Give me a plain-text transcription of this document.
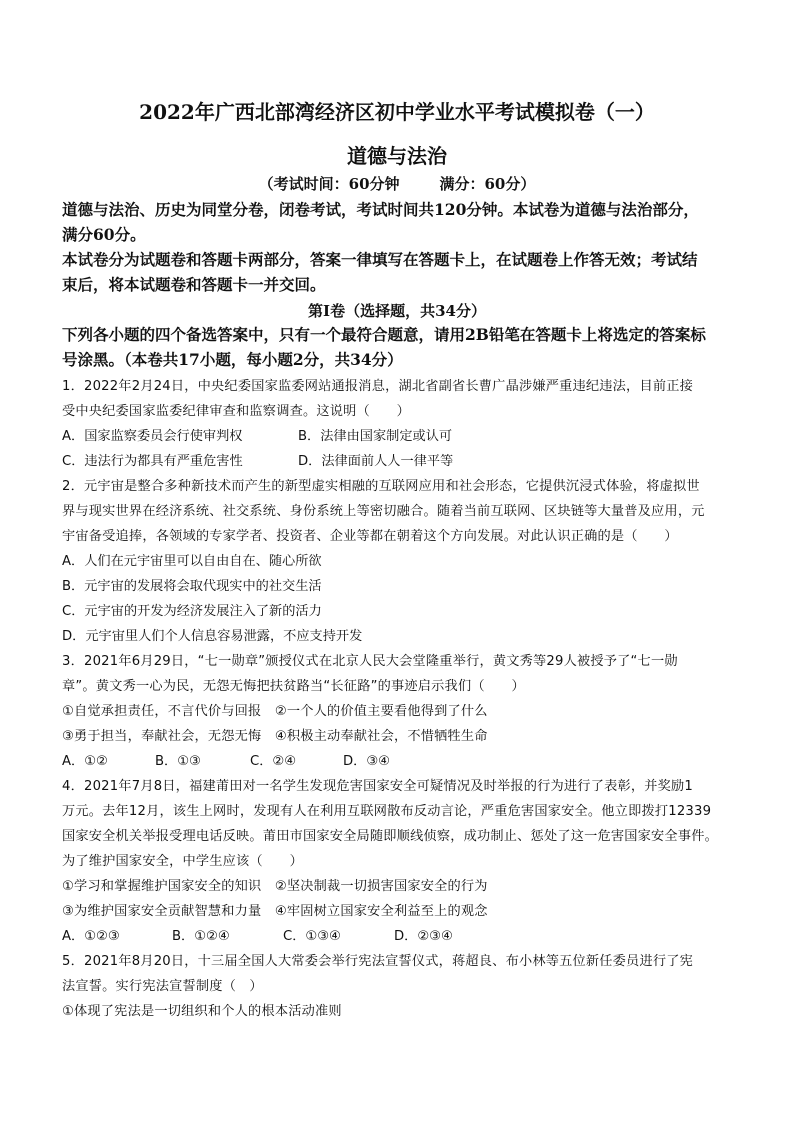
2022年广西北部湾经济区初中学业水平考试模拟卷（一）
道德与法治
（考试时间：60分钟	满分：60分）
道德与法治、历史为同堂分卷，闭卷考试，考试时间共120分钟。本试卷为道德与法治部分，
满分60分。
本试卷分为试题卷和答题卡两部分，答案一律填写在答题卡上，在试题卷上作答无效；考试结
束后，将本试题卷和答题卡一并交回。
第Ⅰ卷（选择题，共34分）
下列各小题的四个备选答案中，只有一个最符合题意，请用2B铅笔在答题卡上将选定的答案标
号涂黑。（本卷共17小题，每小题2分，共34分）
1．2022年2月24日，中央纪委国家监委网站通报消息，湖北省副省长曹广晶涉嫌严重违纪违法，目前正接
受中央纪委国家监委纪律审查和监察调查。这说明（　　）
A．国家监察委员会行使审判权	B．法律由国家制定或认可
C．违法行为都具有严重危害性	D．法律面前人人一律平等
2．元宇宙是整合多种新技术而产生的新型虚实相融的互联网应用和社会形态，它提供沉浸式体验，将虚拟世
界与现实世界在经济系统、社交系统、身份系统上等密切融合。随着当前互联网、区块链等大量普及应用，元
宇宙备受追捧，各领域的专家学者、投资者、企业等都在朝着这个方向发展。对此认识正确的是（　　）
A．人们在元宇宙里可以自由自在、随心所欲
B．元宇宙的发展将会取代现实中的社交生活
C．元宇宙的开发为经济发展注入了新的活力
D．元宇宙里人们个人信息容易泄露，不应支持开发
3．2021年6月29日，“七一勋章”颁授仪式在北京人民大会堂隆重举行，黄文秀等29人被授予了“七一勋
章”。黄文秀一心为民，无怨无悔把扶贫路当“长征路”的事迹启示我们（　　）
①自觉承担责任，不言代价与回报　②一个人的价值主要看他得到了什么
③勇于担当，奉献社会，无怨无悔　④积极主动奉献社会，不惜牺牲生命
A．①②	B．①③	C．②④	D．③④
4．2021年7月8日，福建莆田对一名学生发现危害国家安全可疑情况及时举报的行为进行了表彰，并奖励1
万元。去年12月，该生上网时，发现有人在利用互联网散布反动言论，严重危害国家安全。他立即拨打12339
国家安全机关举报受理电话反映。莆田市国家安全局随即顺线侦察，成功制止、惩处了这一危害国家安全事件。
为了维护国家安全，中学生应该（　　）
①学习和掌握维护国家安全的知识　②坚决制裁一切损害国家安全的行为
③为维护国家安全贡献智慧和力量　④牢固树立国家安全利益至上的观念
A．①②③	B．①②④	C．①③④	D．②③④
5．2021年8月20日，十三届全国人大常委会举行宪法宣誓仪式，蒋超良、布小林等五位新任委员进行了宪
法宣誓。实行宪法宣誓制度（　）
①体现了宪法是一切组织和个人的根本活动准则
